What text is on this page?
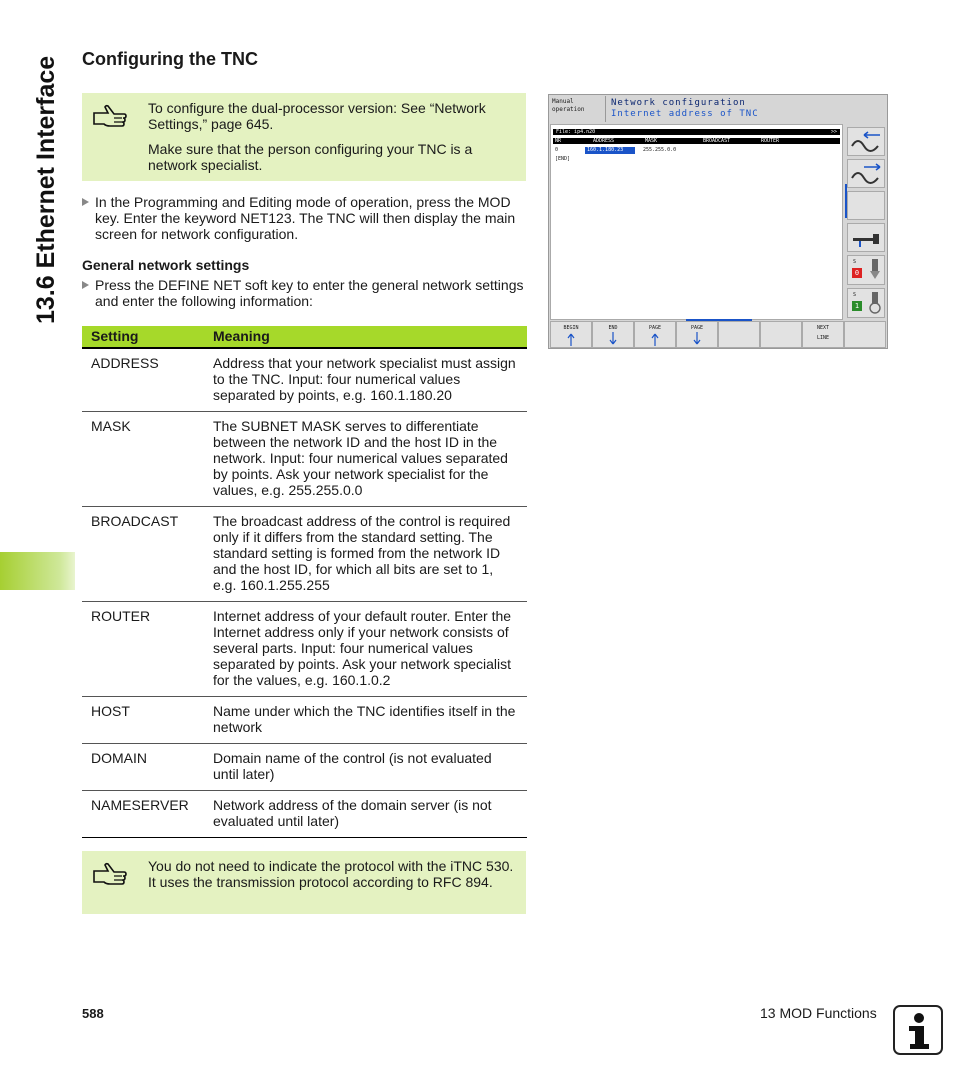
13.6 Ethernet Interface Configuring the TNC

To configure the dual-processor version: See “Network Settings,” page 645.

Make sure that the person configuring your TNC is a network specialist.

In the Programming and Editing mode of operation, press the MOD key. Enter the keyword NET123. The TNC will then display the main screen for network configuration.
General network settings
Press the DEFINE NET soft key to enter the general network settings and enter the following information:
Setting	Meaning
ADDRESS	Address that your network specialist must assign to the TNC. Input: four numerical values separated by points, e.g. 160.1.180.20
MASK	The SUBNET MASK serves to differentiate between the network ID and the host ID in the network. Input: four numerical values separated by points. Ask your network specialist for the values, e.g. 255.255.0.0
BROADCAST	The broadcast address of the control is required only if it differs from the standard setting. The standard setting is formed from the network ID and the host ID, for which all bits are set to 1, e.g. 160.1.255.255
ROUTER	Internet address of your default router. Enter the Internet address only if your network consists of several parts. Input: four numerical values separated by points. Ask your network specialist for the values, e.g. 160.1.0.2
HOST	Name under which the TNC identifies itself in the network
DOMAIN	Domain name of the control (is not evaluated until later)
NAMESERVER	Network address of the domain server (is not evaluated until later)

You do not need to indicate the protocol with the iTNC 530. It uses the transmission protocol according to RFC 894.

Manual
operation
Network configuration
Internet address of TNC
File: ip4.n20	>>
NR	ADDRESS	MASK	BROADCAST	ROUTER
0	160.1.180.23	255.255.0.0
[END]
S
0
S
1
BEGIN	END	PAGE	PAGE	NEXT
LINE
588	13 MOD Functions
